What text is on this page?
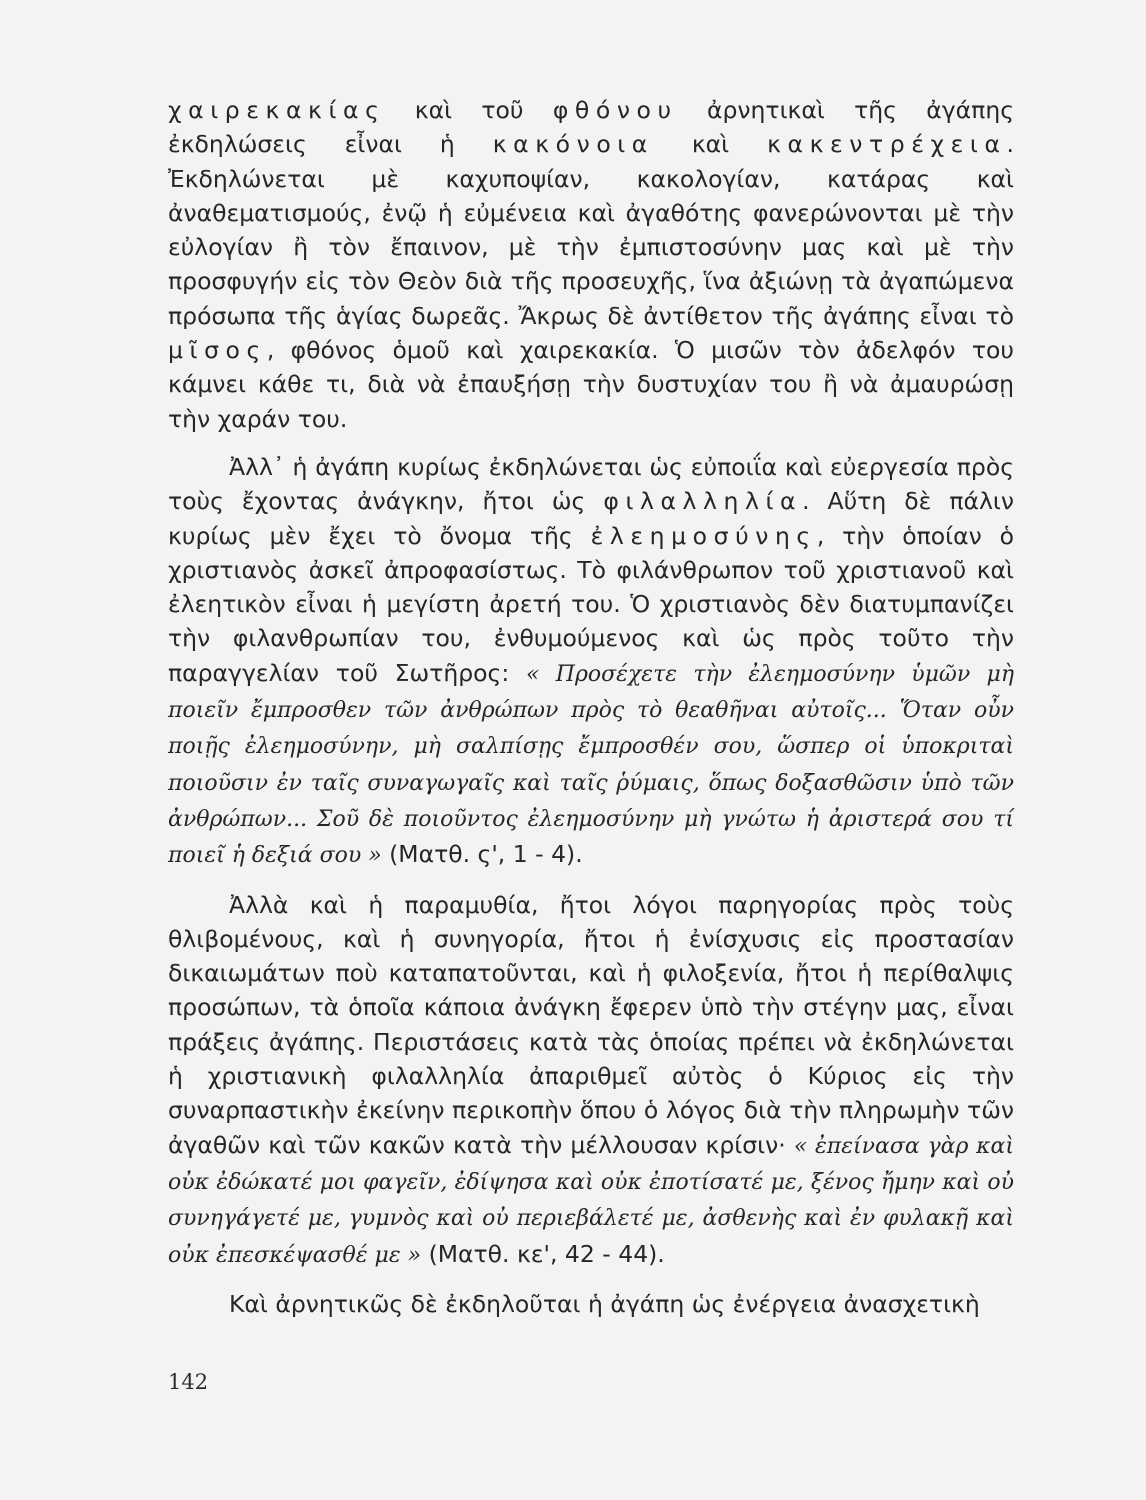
χαιρεκακίας καὶ τοῦ φθόνου ἀρνητικαὶ τῆς ἀγάπης ἐκδηλώσεις εἶναι ἡ κακόνοια καὶ κακεντρέχεια. Ἐκδηλώνεται μὲ καχυποψίαν, κακολογίαν, κατάρας καὶ ἀναθεματισμούς, ἐνῷ ἡ εὐμένεια καὶ ἀγαθότης φανερώνονται μὲ τὴν εὐλογίαν ἢ τὸν ἔπαινον, μὲ τὴν ἐμπιστοσύνην μας καὶ μὲ τὴν προσφυγήν εἰς τὸν Θεὸν διὰ τῆς προσευχῆς, ἵνα ἀξιώνῃ τὰ ἀγαπώμενα πρόσωπα τῆς ἁγίας δωρεᾶς. Ἄκρως δὲ ἀντίθετον τῆς ἀγάπης εἶναι τὸ μῖσος, φθόνος ὁμοῦ καὶ χαιρεκακία. Ὁ μισῶν τὸν ἀδελφόν του κάμνει κάθε τι, διὰ νὰ ἐπαυξήσῃ τὴν δυστυχίαν του ἢ νὰ ἀμαυρώσῃ τὴν χαράν του.

Ἀλλ᾽ ἡ ἀγάπη κυρίως ἐκδηλώνεται ὡς εὐποιΐα καὶ εὐεργεσία πρὸς τοὺς ἔχοντας ἀνάγκην, ἤτοι ὡς φιλαλληλία. Αὕτη δὲ πάλιν κυρίως μὲν ἔχει τὸ ὄνομα τῆς ἐλεημοσύνης, τὴν ὁποίαν ὁ χριστιανὸς ἀσκεῖ ἀπροφασίστως. Τὸ φιλάνθρωπον τοῦ χριστιανοῦ καὶ ἐλεητικὸν εἶναι ἡ μεγίστη ἀρετή του. Ὁ χριστιανὸς δὲν διατυμπανίζει τὴν φιλανθρωπίαν του, ἐνθυμούμενος καὶ ὡς πρὸς τοῦτο τὴν παραγγελίαν τοῦ Σωτῆρος: « Προσέχετε τὴν ἐλεημοσύνην ὑμῶν μὴ ποιεῖν ἔμπροσθεν τῶν ἀνθρώπων πρὸς τὸ θεαθῆναι αὐτοῖς... Ὅταν οὖν ποιῇς ἐλεημοσύνην, μὴ σαλπίσῃς ἔμπροσθέν σου, ὥσπερ οἱ ὑποκριταὶ ποιοῦσιν ἐν ταῖς συναγωγαῖς καὶ ταῖς ῥύμαις, ὅπως δοξασθῶσιν ὑπὸ τῶν ἀνθρώπων... Σοῦ δὲ ποιοῦντος ἐλεημοσύνην μὴ γνώτω ἡ ἀριστερά σου τί ποιεῖ ἡ δεξιά σου » (Ματθ. ς', 1 - 4).

Ἀλλὰ καὶ ἡ παραμυθία, ἤτοι λόγοι παρηγορίας πρὸς τοὺς θλιβομένους, καὶ ἡ συνηγορία, ἤτοι ἡ ἐνίσχυσις εἰς προστασίαν δικαιωμάτων ποὺ καταπατοῦνται, καὶ ἡ φιλοξενία, ἤτοι ἡ περίθαλψις προσώπων, τὰ ὁποῖα κάποια ἀνάγκη ἔφερεν ὑπὸ τὴν στέγην μας, εἶναι πράξεις ἀγάπης. Περιστάσεις κατὰ τὰς ὁποίας πρέπει νὰ ἐκδηλώνεται ἡ χριστιανικὴ φιλαλληλία ἀπαριθμεῖ αὐτὸς ὁ Κύριος εἰς τὴν συναρπαστικὴν ἐκείνην περικοπὴν ὅπου ὁ λόγος διὰ τὴν πληρωμὴν τῶν ἀγαθῶν καὶ τῶν κακῶν κατὰ τὴν μέλλουσαν κρίσιν· « ἐπείνασα γὰρ καὶ οὐκ ἐδώκατέ μοι φαγεῖν, ἐδίψησα καὶ οὐκ ἐποτίσατέ με, ξένος ἤμην καὶ οὐ συνηγάγετέ με, γυμνὸς καὶ οὐ περιεβάλετέ με, ἀσθενὴς καὶ ἐν φυλακῇ καὶ οὐκ ἐπεσκέψασθέ με » (Ματθ. κε', 42 - 44).

Καὶ ἀρνητικῶς δὲ ἐκδηλοῦται ἡ ἀγάπη ὡς ἐνέργεια ἀνασχετικὴ

142
